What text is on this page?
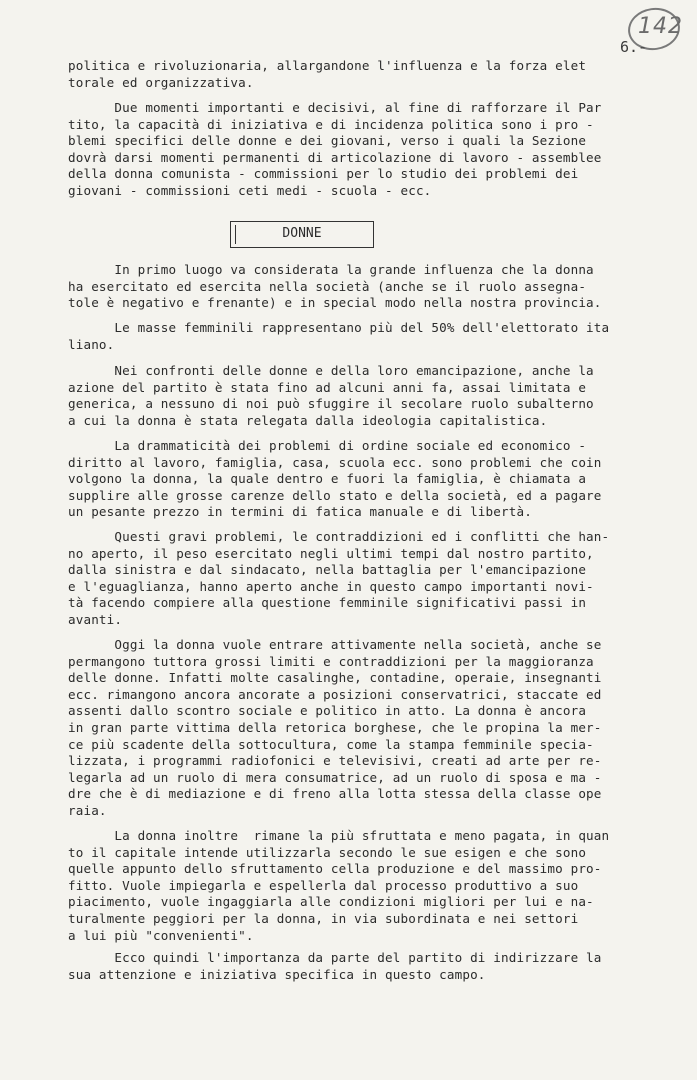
142
6.-
politica e rivoluzionaria, allargandone l'influenza e la forza elet
torale ed organizzativa.
Due momenti importanti e decisivi, al fine di rafforzare il Par
tito, la capacità di iniziativa e di incidenza politica sono i pro -
blemi specifici delle donne e dei giovani, verso i quali la Sezione
dovrà darsi momenti permanenti di articolazione di lavoro - assemblee
della donna comunista - commissioni per lo studio dei problemi dei
giovani - commissioni ceti medi - scuola - ecc.
DONNE
In primo luogo va considerata la grande influenza che la donna
ha esercitato ed esercita nella società (anche se il ruolo assegna-
tole è negativo e frenante) e in special modo nella nostra provincia.
Le masse femminili rappresentano più del 50% dell'elettorato ita
liano.
Nei confronti delle donne e della loro emancipazione, anche la
azione del partito è stata fino ad alcuni anni fa, assai limitata e
generica, a nessuno di noi può sfuggire il secolare ruolo subalterno
a cui la donna è stata relegata dalla ideologia capitalistica.
La drammaticità dei problemi di ordine sociale ed economico -
diritto al lavoro, famiglia, casa, scuola ecc. sono problemi che coin
volgono la donna, la quale dentro e fuori la famiglia, è chiamata a
supplire alle grosse carenze dello stato e della società, ed a pagare
un pesante prezzo in termini di fatica manuale e di libertà.
Questi gravi problemi, le contraddizioni ed i conflitti che han-
no aperto, il peso esercitato negli ultimi tempi dal nostro partito,
dalla sinistra e dal sindacato, nella battaglia per l'emancipazione
e l'eguaglianza, hanno aperto anche in questo campo importanti novi-
tà facendo compiere alla questione femminile significativi passi in
avanti.
Oggi la donna vuole entrare attivamente nella società, anche se
permangono tuttora grossi limiti e contraddizioni per la maggioranza
delle donne. Infatti molte casalinghe, contadine, operaie, insegnanti
ecc. rimangono ancora ancorate a posizioni conservatrici, staccate ed
assenti dallo scontro sociale e politico in atto. La donna è ancora
in gran parte vittima della retorica borghese, che le propina la mer-
ce più scadente della sottocultura, come la stampa femminile specia-
lizzata, i programmi radiofonici e televisivi, creati ad arte per re-
legarla ad un ruolo di mera consumatrice, ad un ruolo di sposa e ma -
dre che è di mediazione e di freno alla lotta stessa della classe ope
raia.
La donna inoltre  rimane la più sfruttata e meno pagata, in quan
to il capitale intende utilizzarla secondo le sue esigen e che sono
quelle appunto dello sfruttamento cella produzione e del massimo pro-
fitto. Vuole impiegarla e espellerla dal processo produttivo a suo
piacimento, vuole ingaggiarla alle condizioni migliori per lui e na-
turalmente peggiori per la donna, in via subordinata e nei settori
a lui più "convenienti".
Ecco quindi l'importanza da parte del partito di indirizzare la
sua attenzione e iniziativa specifica in questo campo.
